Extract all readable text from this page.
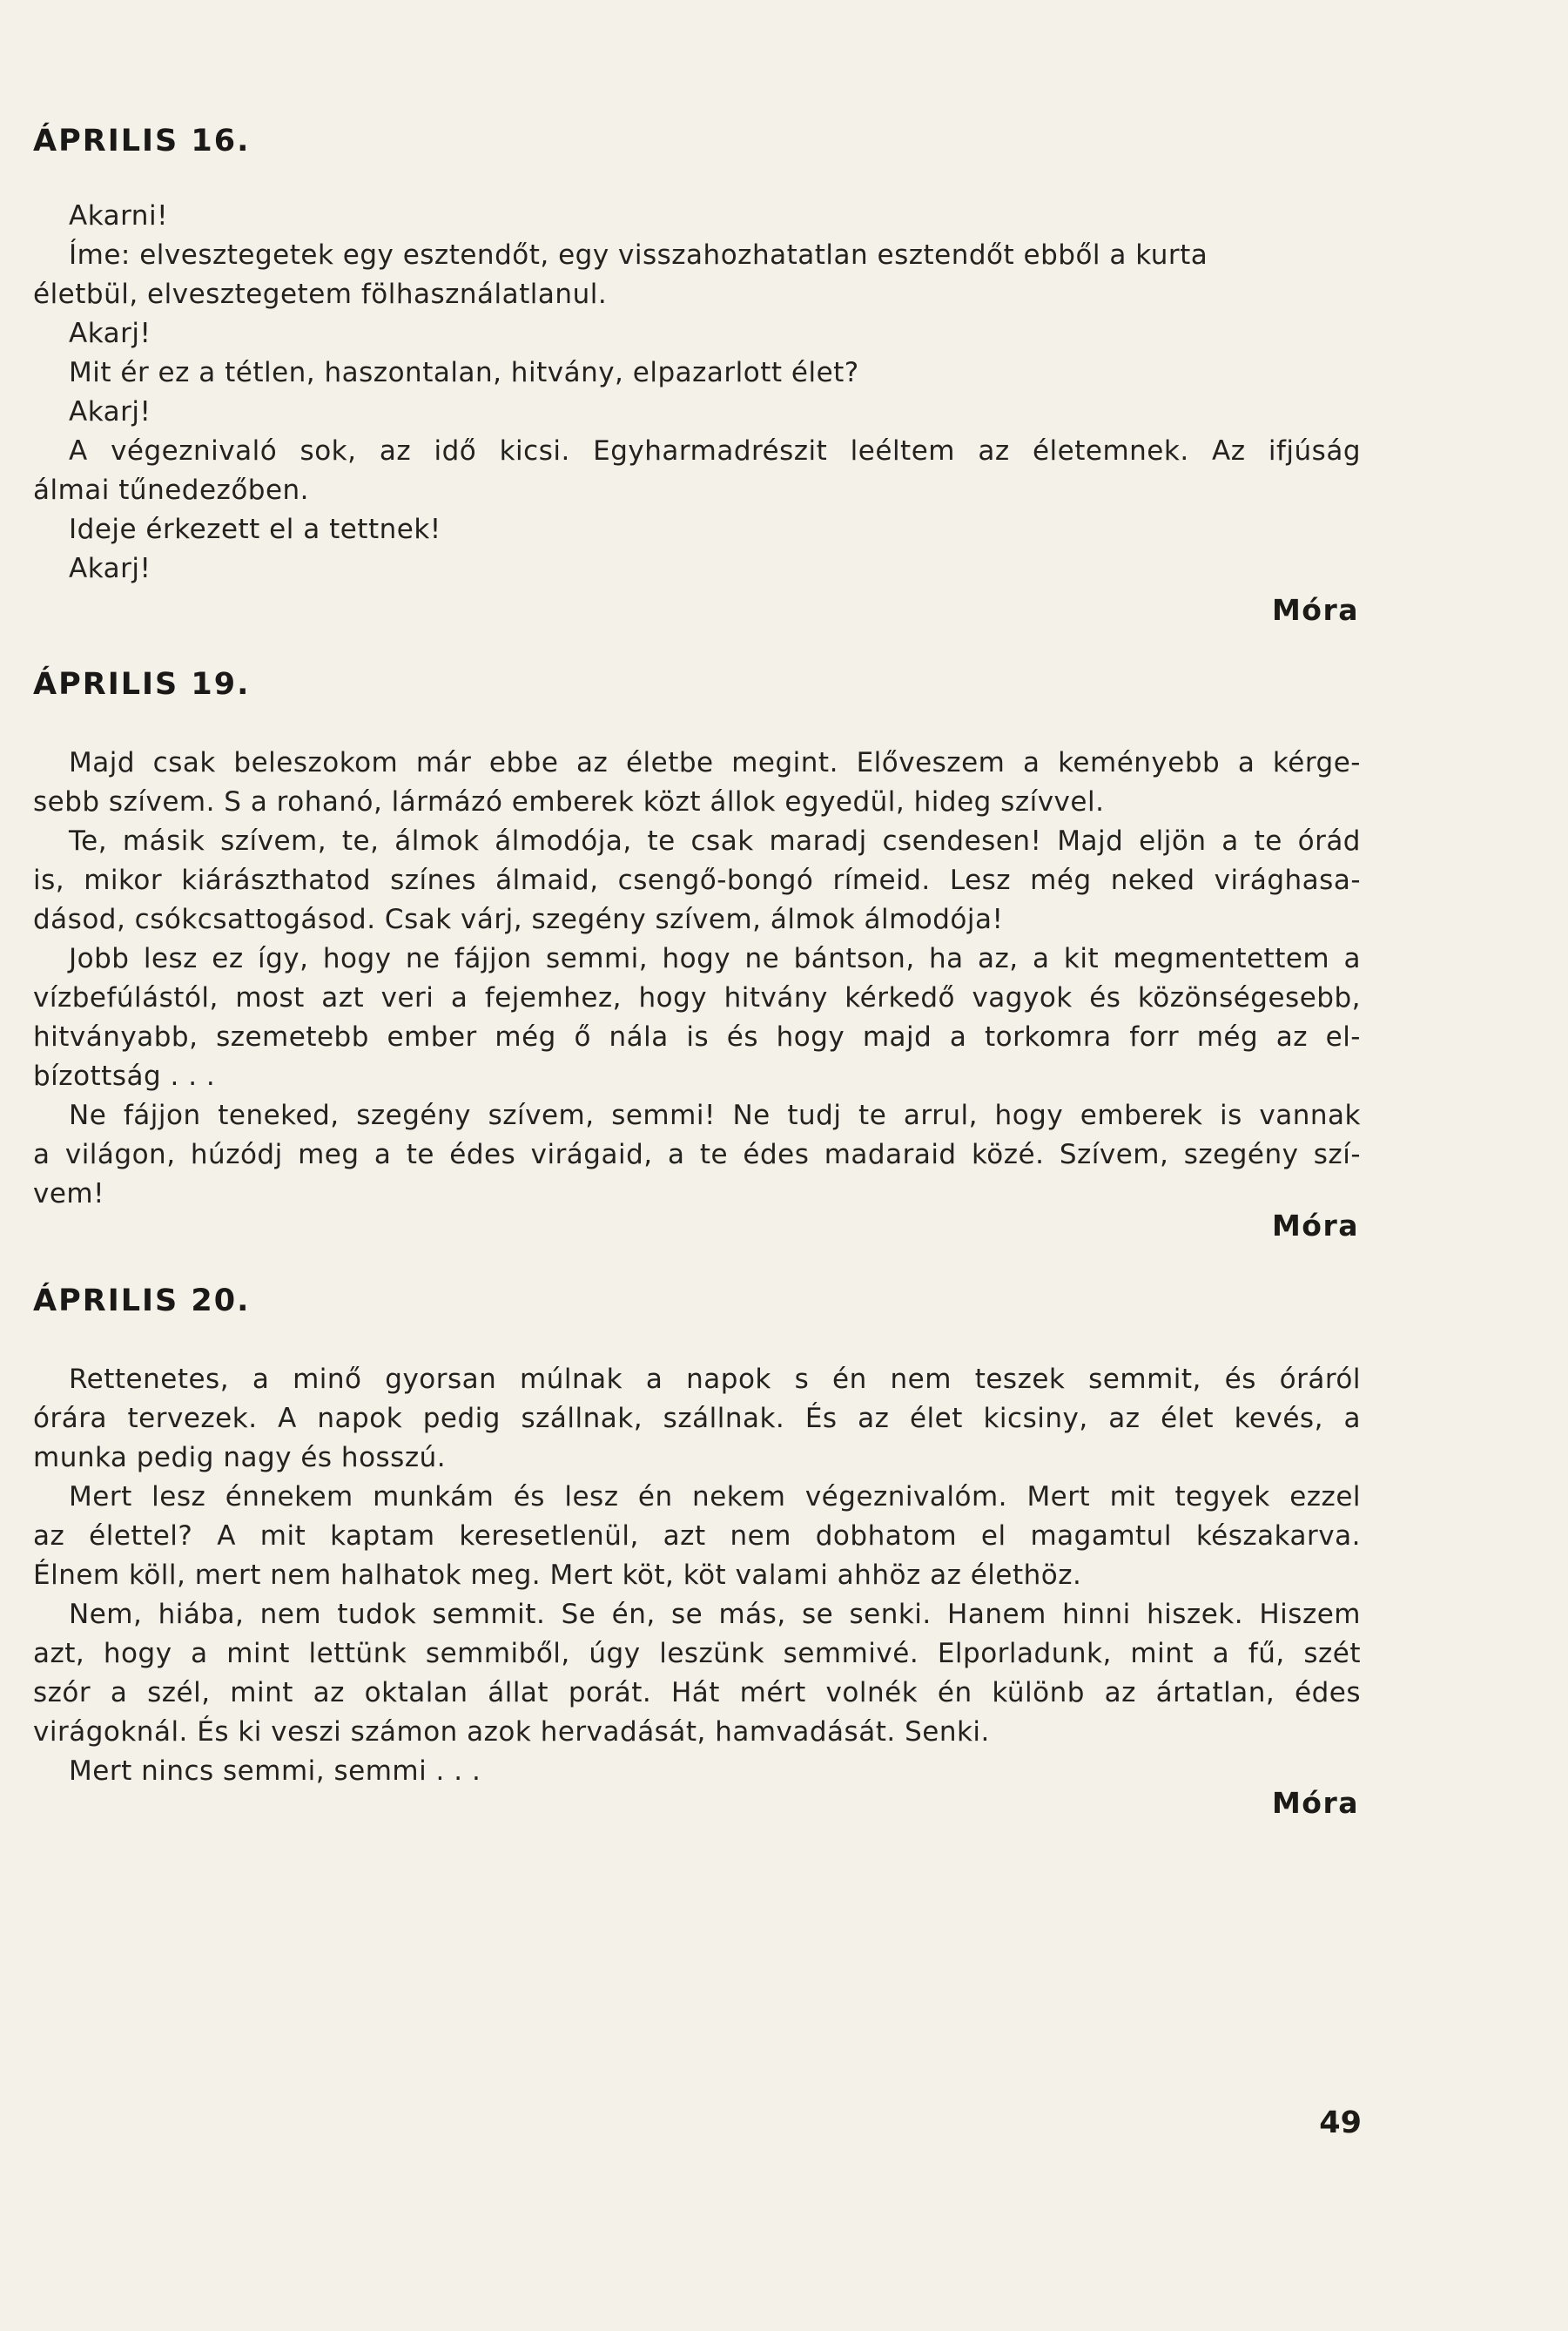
ÁPRILIS 16.
Akarni!
Íme: elvesztegetek egy esztendőt, egy visszahozhatatlan esztendőt ebből a kurta
életbül, elvesztegetem fölhasználatlanul.
Akarj!
Mit ér ez a tétlen, haszontalan, hitvány, elpazarlott élet?
Akarj!
A végeznivaló sok, az idő kicsi. Egyharmadrészit leéltem az életemnek. Az ifjúság
álmai tűnedezőben.
Ideje érkezett el a tettnek!
Akarj!
Móra
ÁPRILIS 19.
Majd csak beleszokom már ebbe az életbe megint. Előveszem a keményebb a kérge-
sebb szívem. S a rohanó, lármázó emberek közt állok egyedül, hideg szívvel.
Te, másik szívem, te, álmok álmodója, te csak maradj csendesen! Majd eljön a te órád
is, mikor kiárászthatod színes álmaid, csengő-bongó rímeid. Lesz még neked virághasa-
dásod, csókcsattogásod. Csak várj, szegény szívem, álmok álmodója!
Jobb lesz ez így, hogy ne fájjon semmi, hogy ne bántson, ha az, a kit megmentettem a
vízbefúlástól, most azt veri a fejemhez, hogy hitvány kérkedő vagyok és közönségesebb,
hitványabb, szemetebb ember még ő nála is és hogy majd a torkomra forr még az el-
bízottság . . .
Ne fájjon teneked, szegény szívem, semmi! Ne tudj te arrul, hogy emberek is vannak
a világon, húzódj meg a te édes virágaid, a te édes madaraid közé. Szívem, szegény szí-
vem!
Móra
ÁPRILIS 20.
Rettenetes, a minő gyorsan múlnak a napok s én nem teszek semmit, és óráról
órára tervezek. A napok pedig szállnak, szállnak. És az élet kicsiny, az élet kevés, a
munka pedig nagy és hosszú.
Mert lesz énnekem munkám és lesz én nekem végeznivalóm. Mert mit tegyek ezzel
az élettel? A mit kaptam keresetlenül, azt nem dobhatom el magamtul készakarva.
Élnem köll, mert nem halhatok meg. Mert köt, köt valami ahhöz az élethöz.
Nem, hiába, nem tudok semmit. Se én, se más, se senki. Hanem hinni hiszek. Hiszem
azt, hogy a mint lettünk semmiből, úgy leszünk semmivé. Elporladunk, mint a fű, szét
szór a szél, mint az oktalan állat porát. Hát mért volnék én különb az ártatlan, édes
virágoknál. És ki veszi számon azok hervadását, hamvadását. Senki.
Mert nincs semmi, semmi . . .
Móra
49
